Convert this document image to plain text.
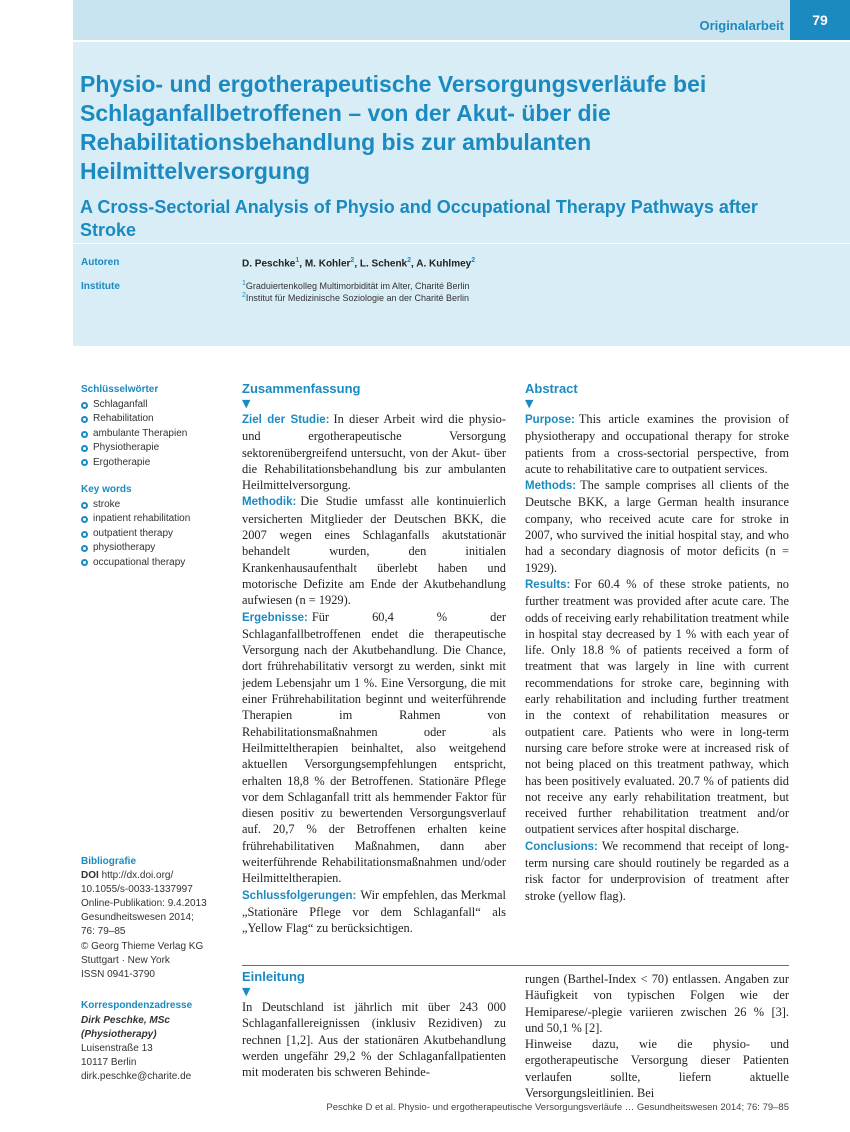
Originalarbeit	79
Physio- und ergotherapeutische Versorgungsverläufe bei Schlaganfallbetroffenen – von der Akut- über die Rehabilitationsbehandlung bis zur ambulanten Heilmittelversorgung
A Cross-Sectorial Analysis of Physio and Occupational Therapy Pathways after Stroke
Autoren	D. Peschke$^1$, M. Kohler$^2$, L. Schenk$^2$, A. Kuhlmey$^2$
Institute	$^1$Graduiertenkolleg Multimorbidität im Alter, Charité Berlin
$^2$Institut für Medizinische Soziologie an der Charité Berlin
Schlüsselwörter
Schlaganfall
Rehabilitation
ambulante Therapien
Physiotherapie
Ergotherapie
Key words
stroke
inpatient rehabilitation
outpatient therapy
physiotherapy
occupational therapy
Bibliografie
DOI http://dx.doi.org/
10.1055/s-0033-1337997
Online-Publikation: 9.4.2013
Gesundheitswesen 2014;
76: 79–85
© Georg Thieme Verlag KG
Stuttgart · New York
ISSN 0941-3790
Korrespondenzadresse
Dirk Peschke, MSc (Physiotherapy)
Luisenstraße 13
10117 Berlin
dirk.peschke@charite.de
Zusammenfassung
▼

Ziel der Studie: In dieser Arbeit wird die physio- und ergotherapeutische Versorgung sektorenübergreifend untersucht, von der Akut- über die Rehabilitationsbehandlung bis zur ambulanten Heilmittelversorgung.

Methodik: Die Studie umfasst alle kontinuierlich versicherten Mitglieder der Deutschen BKK, die 2007 wegen eines Schlaganfalls akutstationär behandelt wurden, den initialen Krankenhausaufenthalt überlebt haben und motorische Defizite am Ende der Akutbehandlung aufwiesen (n = 1929).

Ergebnisse: Für 60,4 % der Schlaganfallbetroffenen endet die therapeutische Versorgung nach der Akutbehandlung. Die Chance, dort frührehabilitativ versorgt zu werden, sinkt mit jedem Lebensjahr um 1 %. Eine Versorgung, die mit einer Frührehabilitation beginnt und weiterführende Therapien im Rahmen von Rehabilitationsmaßnahmen oder als Heilmitteltherapien beinhaltet, also weitgehend aktuellen Versorgungsempfehlungen entspricht, erhalten 18,8 % der Betroffenen. Stationäre Pflege vor dem Schlaganfall tritt als hemmender Faktor für diesen positiv zu bewertenden Versorgungsverlauf auf. 20,7 % der Betroffenen erhalten keine frührehabilitativen Maßnahmen, dann aber weiterführende Rehabilitationsmaßnahmen und/oder Heilmitteltherapien.

Schlussfolgerungen: Wir empfehlen, das Merkmal „Stationäre Pflege vor dem Schlaganfall“ als „Yellow Flag“ zu berücksichtigen.

Abstract
▼

Purpose: This article examines the provision of physiotherapy and occupational therapy for stroke patients from a cross-sectorial perspective, from acute to rehabilitative care to outpatient services.

Methods: The sample comprises all clients of the Deutsche BKK, a large German health insurance company, who received acute care for stroke in 2007, who survived the initial hospital stay, and who had a secondary diagnosis of motor deficits (n = 1929).

Results: For 60.4 % of these stroke patients, no further treatment was provided after acute care. The odds of receiving early rehabilitation treatment while in hospital stay decreased by 1 % with each year of life. Only 18.8 % of patients received a form of treatment that was largely in line with current recommendations for stroke care, beginning with early rehabilitation and including further treatment in the context of rehabilitation measures or outpatient care. Patients who were in long-term nursing care before stroke were at increased risk of not being placed on this treatment pathway, which has been positively evaluated. 20.7 % of patients did not receive any early rehabilitation treatment, but received further rehabilitation treatment and/or outpatient services after hospital discharge.

Conclusions: We recommend that receipt of long-term nursing care should routinely be regarded as a risk factor for underprovision of treatment after stroke (yellow flag).

Einleitung
▼

In Deutschland ist jährlich mit über 243 000 Schlaganfallereignissen (inklusiv Rezidiven) zu rechnen [1,2]. Aus der stationären Akutbehandlung werden ungefähr 29,2 % der Schlaganfallpatienten mit moderaten bis schweren Behinde-

rungen (Barthel-Index < 70) entlassen. Angaben zur Häufigkeit von typischen Folgen wie der Hemiparese/-plegie variieren zwischen 26 % [3]. und 50,1 % [2].

Hinweise dazu, wie die physio- und ergotherapeutische Versorgung dieser Patienten verlaufen sollte, liefern aktuelle Versorgungsleitlinien. Bei

Peschke D et al. Physio- und ergotherapeutische Versorgungsverläufe … Gesundheitswesen 2014; 76: 79–85
